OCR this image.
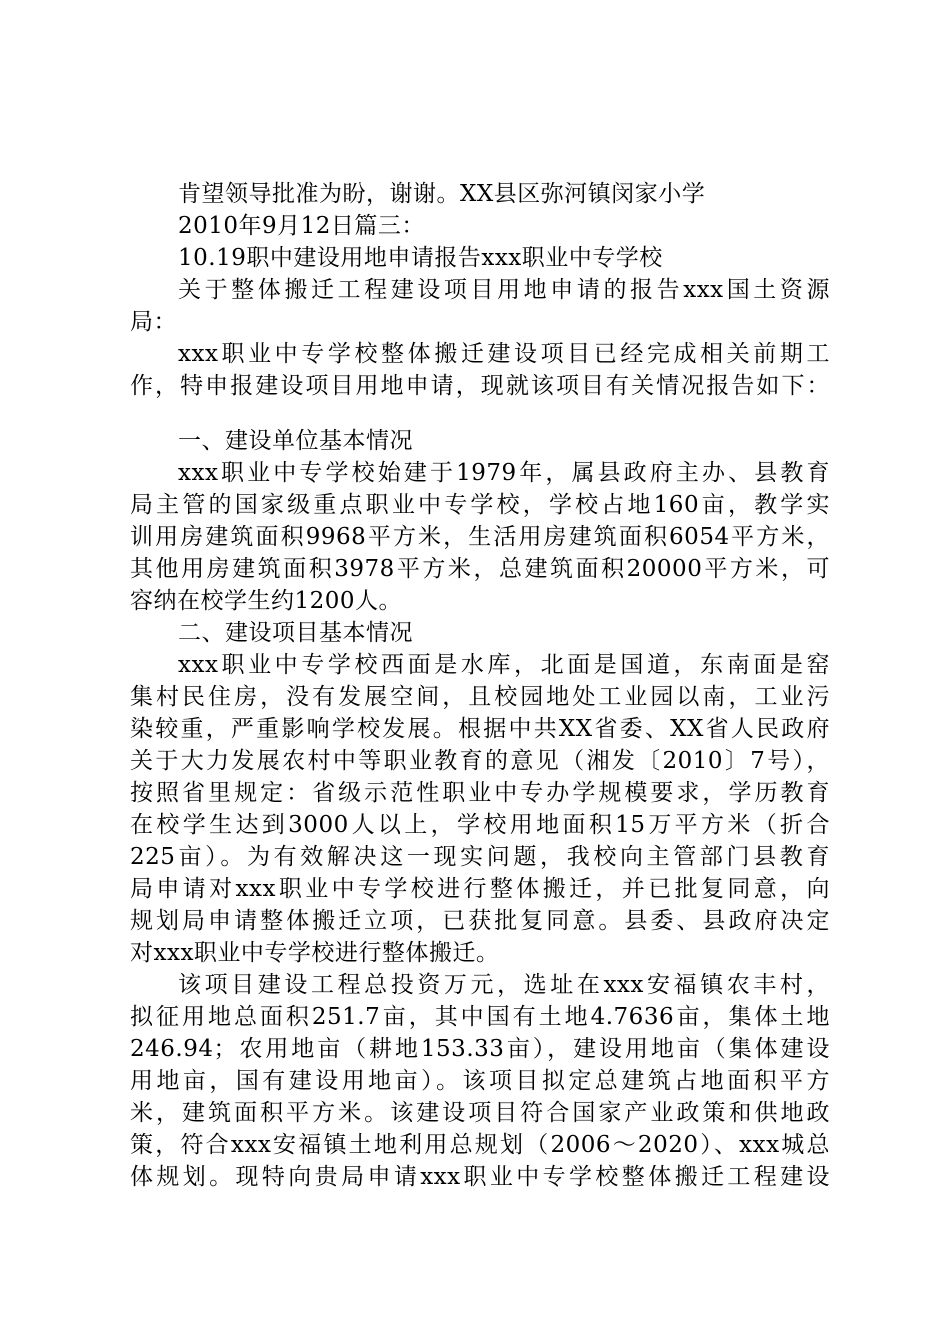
肯望领导批准为盼，谢谢。XX县区弥河镇闵家小学
2010年9月12日篇三：
10.19职中建设用地申请报告xxx职业中专学校
关于整体搬迁工程建设项目用地申请的报告xxx国土资源
局：
xxx职业中专学校整体搬迁建设项目已经完成相关前期工
作，特申报建设项目用地申请，现就该项目有关情况报告如下：
一、建设单位基本情况
xxx职业中专学校始建于1979年，属县政府主办、县教育
局主管的国家级重点职业中专学校，学校占地160亩，教学实
训用房建筑面积9968平方米，生活用房建筑面积6054平方米，
其他用房建筑面积3978平方米，总建筑面积20000平方米，可
容纳在校学生约1200人。
二、建设项目基本情况
xxx职业中专学校西面是水库，北面是国道，东南面是窑
集村民住房，没有发展空间，且校园地处工业园以南，工业污
染较重，严重影响学校发展。根据中共XX省委、XX省人民政府
关于大力发展农村中等职业教育的意见（湘发〔2010〕7号），
按照省里规定：省级示范性职业中专办学规模要求，学历教育
在校学生达到3000人以上，学校用地面积15万平方米（折合
225亩）。为有效解决这一现实问题，我校向主管部门县教育
局申请对xxx职业中专学校进行整体搬迁，并已批复同意，向
规划局申请整体搬迁立项，已获批复同意。县委、县政府决定
对xxx职业中专学校进行整体搬迁。
该项目建设工程总投资万元，选址在xxx安福镇农丰村，
拟征用地总面积251.7亩，其中国有土地4.7636亩，集体土地
246.94；农用地亩（耕地153.33亩），建设用地亩（集体建设
用地亩，国有建设用地亩）。该项目拟定总建筑占地面积平方
米，建筑面积平方米。该建设项目符合国家产业政策和供地政
策，符合xxx安福镇土地利用总规划（2006～2020）、xxx城总
体规划。现特向贵局申请xxx职业中专学校整体搬迁工程建设
